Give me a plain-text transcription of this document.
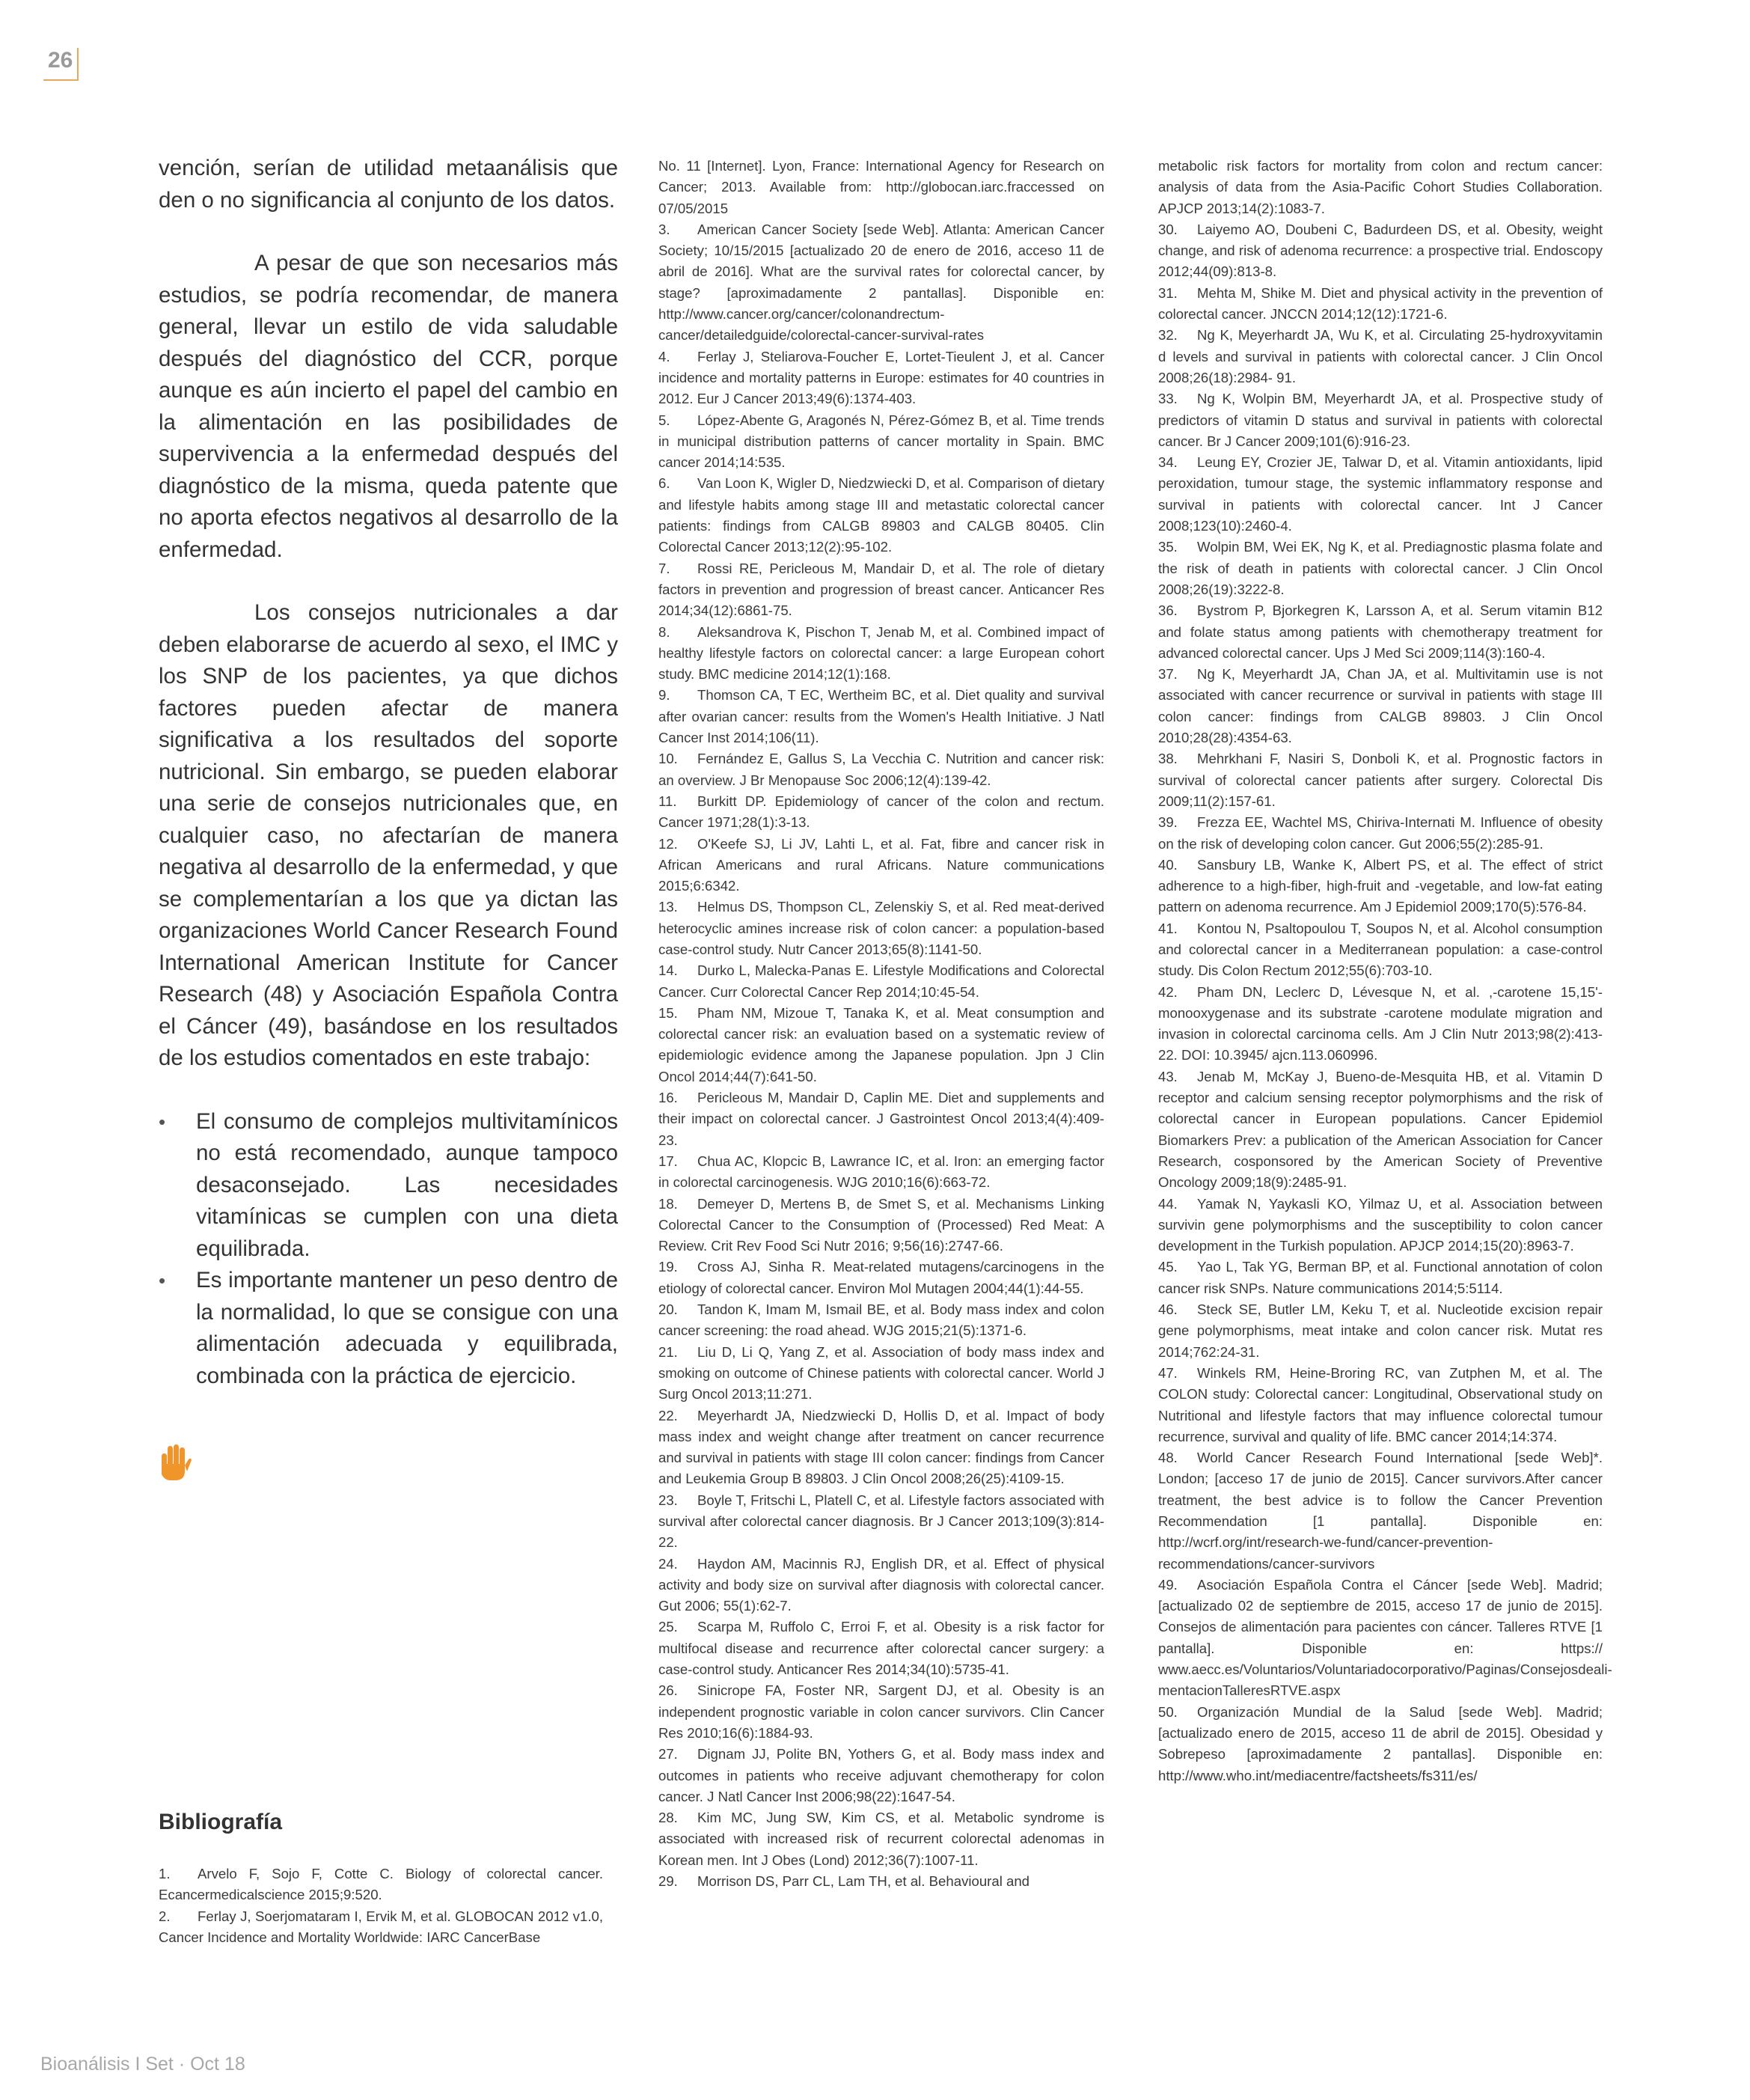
26

vención, serían de utilidad metaanálisis que den o no significancia al conjunto de los datos.

A pesar de que son necesarios más estudios, se podría recomendar, de manera general, llevar un estilo de vida saludable después del diagnóstico del CCR, porque aunque es aún incierto el papel del cambio en la alimentación en las posibilidades de supervivencia a la enfermedad después del diagnóstico de la misma, queda patente que no aporta efectos negativos al desarrollo de la enfermedad.

Los consejos nutricionales a dar deben elaborarse de acuerdo al sexo, el IMC y los SNP de los pacientes, ya que dichos factores pueden afectar de manera significativa a los resultados del soporte nutricional. Sin embargo, se pueden elaborar una serie de consejos nutricionales que, en cualquier caso, no afectarían de manera negativa al desarrollo de la enfermedad, y que se complementarían a los que ya dictan las organizaciones World Cancer Research Found International American Institute for Cancer Research (48) y Asociación Española Contra el Cáncer (49), basándose en los resultados de los estudios comentados en este trabajo:

• El consumo de complejos multivitamínicos no está recomendado, aunque tampoco desaconsejado. Las necesidades vitamínicas se cumplen con una dieta equilibrada.
• Es importante mantener un peso dentro de la normalidad, lo que se consigue con una alimentación adecuada y equilibrada, combinada con la práctica de ejercicio.
Bibliografía

1. Arvelo F, Sojo F, Cotte C. Biology of colorectal cancer. Ecancermedicalscience 2015;9:520.

2. Ferlay J, Soerjomataram I, Ervik M, et al. GLOBOCAN 2012 v1.0, Cancer Incidence and Mortality Worldwide: IARC CancerBase

No. 11 [Internet]. Lyon, France: International Agency for Research on Cancer; 2013. Available from: http://globocan.iarc.fraccessed on 07/05/2015

3. American Cancer Society [sede Web]. Atlanta: American Cancer Society; 10/15/2015 [actualizado 20 de enero de 2016, acceso 11 de abril de 2016]. What are the survival rates for colorectal cancer, by stage? [aproximadamente 2 pantallas]. Disponible en: http://www.cancer.org/cancer/colonandrectum-cancer/detailedguide/colorectal-cancer-survival-rates

4. Ferlay J, Steliarova-Foucher E, Lortet-Tieulent J, et al. Cancer incidence and mortality patterns in Europe: estimates for 40 countries in 2012. Eur J Cancer 2013;49(6):1374-403.

5. López-Abente G, Aragonés N, Pérez-Gómez B, et al. Time trends in municipal distribution patterns of cancer mortality in Spain. BMC cancer 2014;14:535.

6. Van Loon K, Wigler D, Niedzwiecki D, et al. Comparison of dietary and lifestyle habits among stage III and metastatic colorectal cancer patients: findings from CALGB 89803 and CALGB 80405. Clin Colorectal Cancer 2013;12(2):95-102.

7. Rossi RE, Pericleous M, Mandair D, et al. The role of dietary factors in prevention and progression of breast cancer. Anticancer Res 2014;34(12):6861-75.

8. Aleksandrova K, Pischon T, Jenab M, et al. Combined impact of healthy lifestyle factors on colorectal cancer: a large European cohort study. BMC medicine 2014;12(1):168.

9. Thomson CA, T EC, Wertheim BC, et al. Diet quality and survival after ovarian cancer: results from the Women's Health Initiative. J Natl Cancer Inst 2014;106(11).

10. Fernández E, Gallus S, La Vecchia C. Nutrition and cancer risk: an overview. J Br Menopause Soc 2006;12(4):139-42.

11. Burkitt DP. Epidemiology of cancer of the colon and rectum. Cancer 1971;28(1):3-13.

12. O'Keefe SJ, Li JV, Lahti L, et al. Fat, fibre and cancer risk in African Americans and rural Africans. Nature communications 2015;6:6342.

13. Helmus DS, Thompson CL, Zelenskiy S, et al. Red meat-derived heterocyclic amines increase risk of colon cancer: a population-based case-control study. Nutr Cancer 2013;65(8):1141-50.

14. Durko L, Malecka-Panas E. Lifestyle Modifications and Colorectal Cancer. Curr Colorectal Cancer Rep 2014;10:45-54.

15. Pham NM, Mizoue T, Tanaka K, et al. Meat consumption and colorectal cancer risk: an evaluation based on a systematic review of epidemiologic evidence among the Japanese population. Jpn J Clin Oncol 2014;44(7):641-50.

16. Pericleous M, Mandair D, Caplin ME. Diet and supplements and their impact on colorectal cancer. J Gastrointest Oncol 2013;4(4):409-23.

17. Chua AC, Klopcic B, Lawrance IC, et al. Iron: an emerging factor in colorectal carcinogenesis. WJG 2010;16(6):663-72.

18. Demeyer D, Mertens B, de Smet S, et al. Mechanisms Linking Colorectal Cancer to the Consumption of (Processed) Red Meat: A Review. Crit Rev Food Sci Nutr 2016; 9;56(16):2747-66.

19. Cross AJ, Sinha R. Meat-related mutagens/carcinogens in the etiology of colorectal cancer. Environ Mol Mutagen 2004;44(1):44-55.

20. Tandon K, Imam M, Ismail BE, et al. Body mass index and colon cancer screening: the road ahead. WJG 2015;21(5):1371-6.

21. Liu D, Li Q, Yang Z, et al. Association of body mass index and smoking on outcome of Chinese patients with colorectal cancer. World J Surg Oncol 2013;11:271.

22. Meyerhardt JA, Niedzwiecki D, Hollis D, et al. Impact of body mass index and weight change after treatment on cancer recurrence and survival in patients with stage III colon cancer: findings from Cancer and Leukemia Group B 89803. J Clin Oncol 2008;26(25):4109-15.

23. Boyle T, Fritschi L, Platell C, et al. Lifestyle factors associated with survival after colorectal cancer diagnosis. Br J Cancer 2013;109(3):814-22.

24. Haydon AM, Macinnis RJ, English DR, et al. Effect of physical activity and body size on survival after diagnosis with colorectal cancer. Gut 2006; 55(1):62-7.

25. Scarpa M, Ruffolo C, Erroi F, et al. Obesity is a risk factor for multifocal disease and recurrence after colorectal cancer surgery: a case-control study. Anticancer Res 2014;34(10):5735-41.

26. Sinicrope FA, Foster NR, Sargent DJ, et al. Obesity is an independent prognostic variable in colon cancer survivors. Clin Cancer Res 2010;16(6):1884-93.

27. Dignam JJ, Polite BN, Yothers G, et al. Body mass index and outcomes in patients who receive adjuvant chemotherapy for colon cancer. J Natl Cancer Inst 2006;98(22):1647-54.

28. Kim MC, Jung SW, Kim CS, et al. Metabolic syndrome is associated with increased risk of recurrent colorectal adenomas in Korean men. Int J Obes (Lond) 2012;36(7):1007-11.

29. Morrison DS, Parr CL, Lam TH, et al. Behavioural and

metabolic risk factors for mortality from colon and rectum cancer: analysis of data from the Asia-Pacific Cohort Studies Collaboration. APJCP 2013;14(2):1083-7.

30. Laiyemo AO, Doubeni C, Badurdeen DS, et al. Obesity, weight change, and risk of adenoma recurrence: a prospective trial. Endoscopy 2012;44(09):813-8.

31. Mehta M, Shike M. Diet and physical activity in the prevention of colorectal cancer. JNCCN 2014;12(12):1721-6.

32. Ng K, Meyerhardt JA, Wu K, et al. Circulating 25-hydroxyvitamin d levels and survival in patients with colorectal cancer. J Clin Oncol 2008;26(18):2984- 91.

33. Ng K, Wolpin BM, Meyerhardt JA, et al. Prospective study of predictors of vitamin D status and survival in patients with colorectal cancer. Br J Cancer 2009;101(6):916-23.

34. Leung EY, Crozier JE, Talwar D, et al. Vitamin antioxidants, lipid peroxidation, tumour stage, the systemic inflammatory response and survival in patients with colorectal cancer. Int J Cancer 2008;123(10):2460-4.

35. Wolpin BM, Wei EK, Ng K, et al. Prediagnostic plasma folate and the risk of death in patients with colorectal cancer. J Clin Oncol 2008;26(19):3222-8.

36. Bystrom P, Bjorkegren K, Larsson A, et al. Serum vitamin B12 and folate status among patients with chemotherapy treatment for advanced colorectal cancer. Ups J Med Sci 2009;114(3):160-4.

37. Ng K, Meyerhardt JA, Chan JA, et al. Multivitamin use is not associated with cancer recurrence or survival in patients with stage III colon cancer: findings from CALGB 89803. J Clin Oncol 2010;28(28):4354-63.

38. Mehrkhani F, Nasiri S, Donboli K, et al. Prognostic factors in survival of colorectal cancer patients after surgery. Colorectal Dis 2009;11(2):157-61.

39. Frezza EE, Wachtel MS, Chiriva-Internati M. Influence of obesity on the risk of developing colon cancer. Gut 2006;55(2):285-91.

40. Sansbury LB, Wanke K, Albert PS, et al. The effect of strict adherence to a high-fiber, high-fruit and -vegetable, and low-fat eating pattern on adenoma recurrence. Am J Epidemiol 2009;170(5):576-84.

41. Kontou N, Psaltopoulou T, Soupos N, et al. Alcohol consumption and colorectal cancer in a Mediterranean population: a case-control study. Dis Colon Rectum 2012;55(6):703-10.

42. Pham DN, Leclerc D, Lévesque N, et al. ,-carotene 15,15'-monooxygenase and its substrate -carotene modulate migration and invasion in colorectal carcinoma cells. Am J Clin Nutr 2013;98(2):413-22. DOI: 10.3945/ ajcn.113.060996.

43. Jenab M, McKay J, Bueno-de-Mesquita HB, et al. Vitamin D receptor and calcium sensing receptor polymorphisms and the risk of colorectal cancer in European populations. Cancer Epidemiol Biomarkers Prev: a publication of the American Association for Cancer Research, cosponsored by the American Society of Preventive Oncology 2009;18(9):2485-91.

44. Yamak N, Yaykasli KO, Yilmaz U, et al. Association between survivin gene polymorphisms and the susceptibility to colon cancer development in the Turkish population. APJCP 2014;15(20):8963-7.

45. Yao L, Tak YG, Berman BP, et al. Functional annotation of colon cancer risk SNPs. Nature communications 2014;5:5114.

46. Steck SE, Butler LM, Keku T, et al. Nucleotide excision repair gene polymorphisms, meat intake and colon cancer risk. Mutat res 2014;762:24-31.

47. Winkels RM, Heine-Broring RC, van Zutphen M, et al. The COLON study: Colorectal cancer: Longitudinal, Observational study on Nutritional and lifestyle factors that may influence colorectal tumour recurrence, survival and quality of life. BMC cancer 2014;14:374.

48. World Cancer Research Found International [sede Web]*. London; [acceso 17 de junio de 2015]. Cancer survivors.After cancer treatment, the best advice is to follow the Cancer Prevention Recommendation [1 pantalla]. Disponible en: http://wcrf.org/int/research-we-fund/cancer-prevention-recommendations/cancer-survivors

49. Asociación Española Contra el Cáncer [sede Web]. Madrid; [actualizado 02 de septiembre de 2015, acceso 17 de junio de 2015]. Consejos de alimentación para pacientes con cáncer. Talleres RTVE [1 pantalla]. Disponible en: https:// www.aecc.es/Voluntarios/Voluntariadocorporativo/Paginas/Consejosdeali-mentacionTalleresRTVE.aspx

50. Organización Mundial de la Salud [sede Web]. Madrid; [actualizado enero de 2015, acceso 11 de abril de 2015]. Obesidad y Sobrepeso [aproximadamente 2 pantallas]. Disponible en: http://www.who.int/mediacentre/factsheets/fs311/es/

Bioanálisis I Set · Oct 18
